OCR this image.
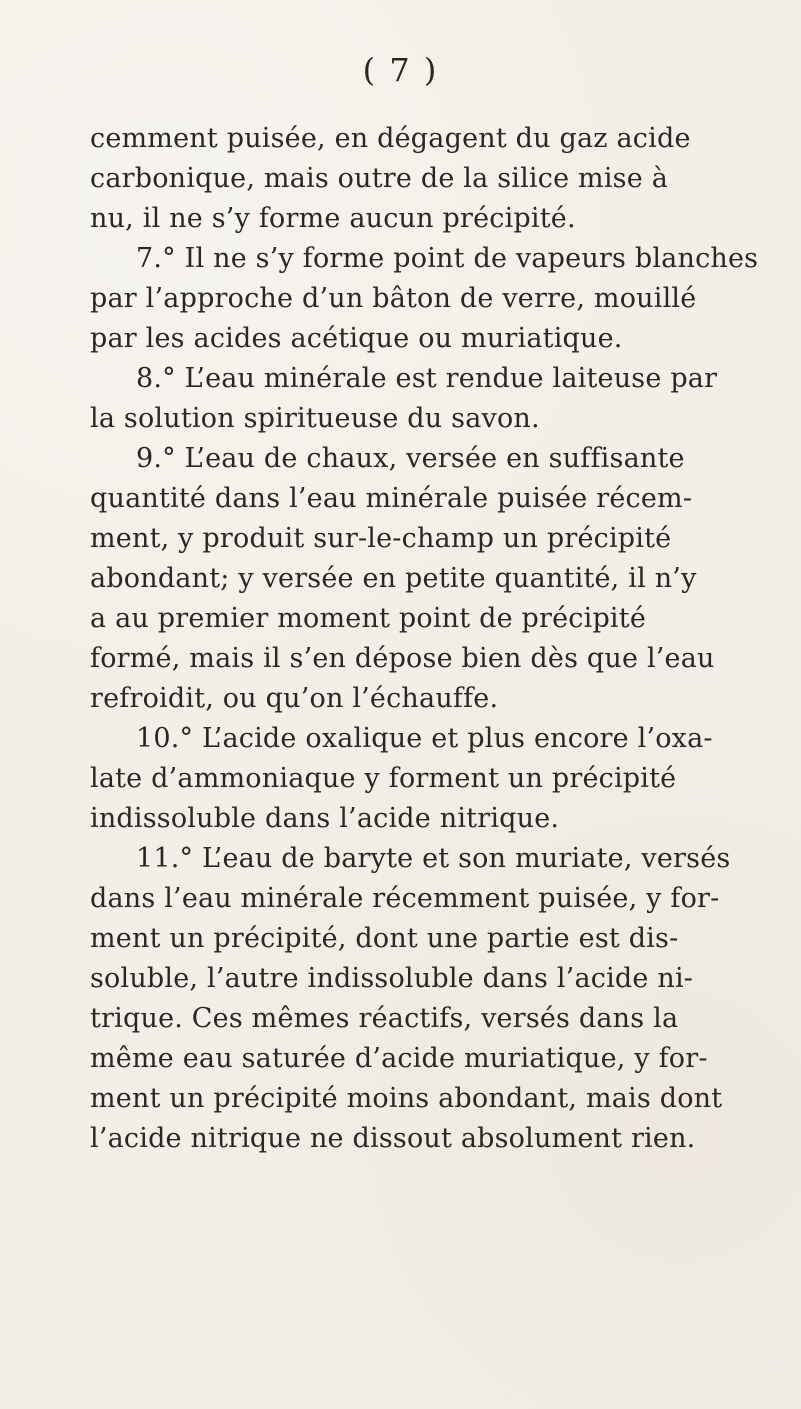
( 7 )
cemment puisée, en dégagent du gaz acide
carbonique, mais outre de la silice mise à
nu, il ne s’y forme aucun précipité.
7.° Il ne s’y forme point de vapeurs blanches
par l’approche d’un bâton de verre, mouillé
par les acides acétique ou muriatique.
8.° L’eau minérale est rendue laiteuse par
la solution spiritueuse du savon.
9.° L’eau de chaux, versée en suffisante
quantité dans l’eau minérale puisée récem-
ment, y produit sur-le-champ un précipité
abondant; y versée en petite quantité, il n’y
a au premier moment point de précipité
formé, mais il s’en dépose bien dès que l’eau
refroidit, ou qu’on l’échauffe.
10.° L’acide oxalique et plus encore l’oxa-
late d’ammoniaque y forment un précipité
indissoluble dans l’acide nitrique.
11.° L’eau de baryte et son muriate, versés
dans l’eau minérale récemment puisée, y for-
ment un précipité, dont une partie est dis-
soluble, l’autre indissoluble dans l’acide ni-
trique. Ces mêmes réactifs, versés dans la
même eau saturée d’acide muriatique, y for-
ment un précipité moins abondant, mais dont
l’acide nitrique ne dissout absolument rien.
